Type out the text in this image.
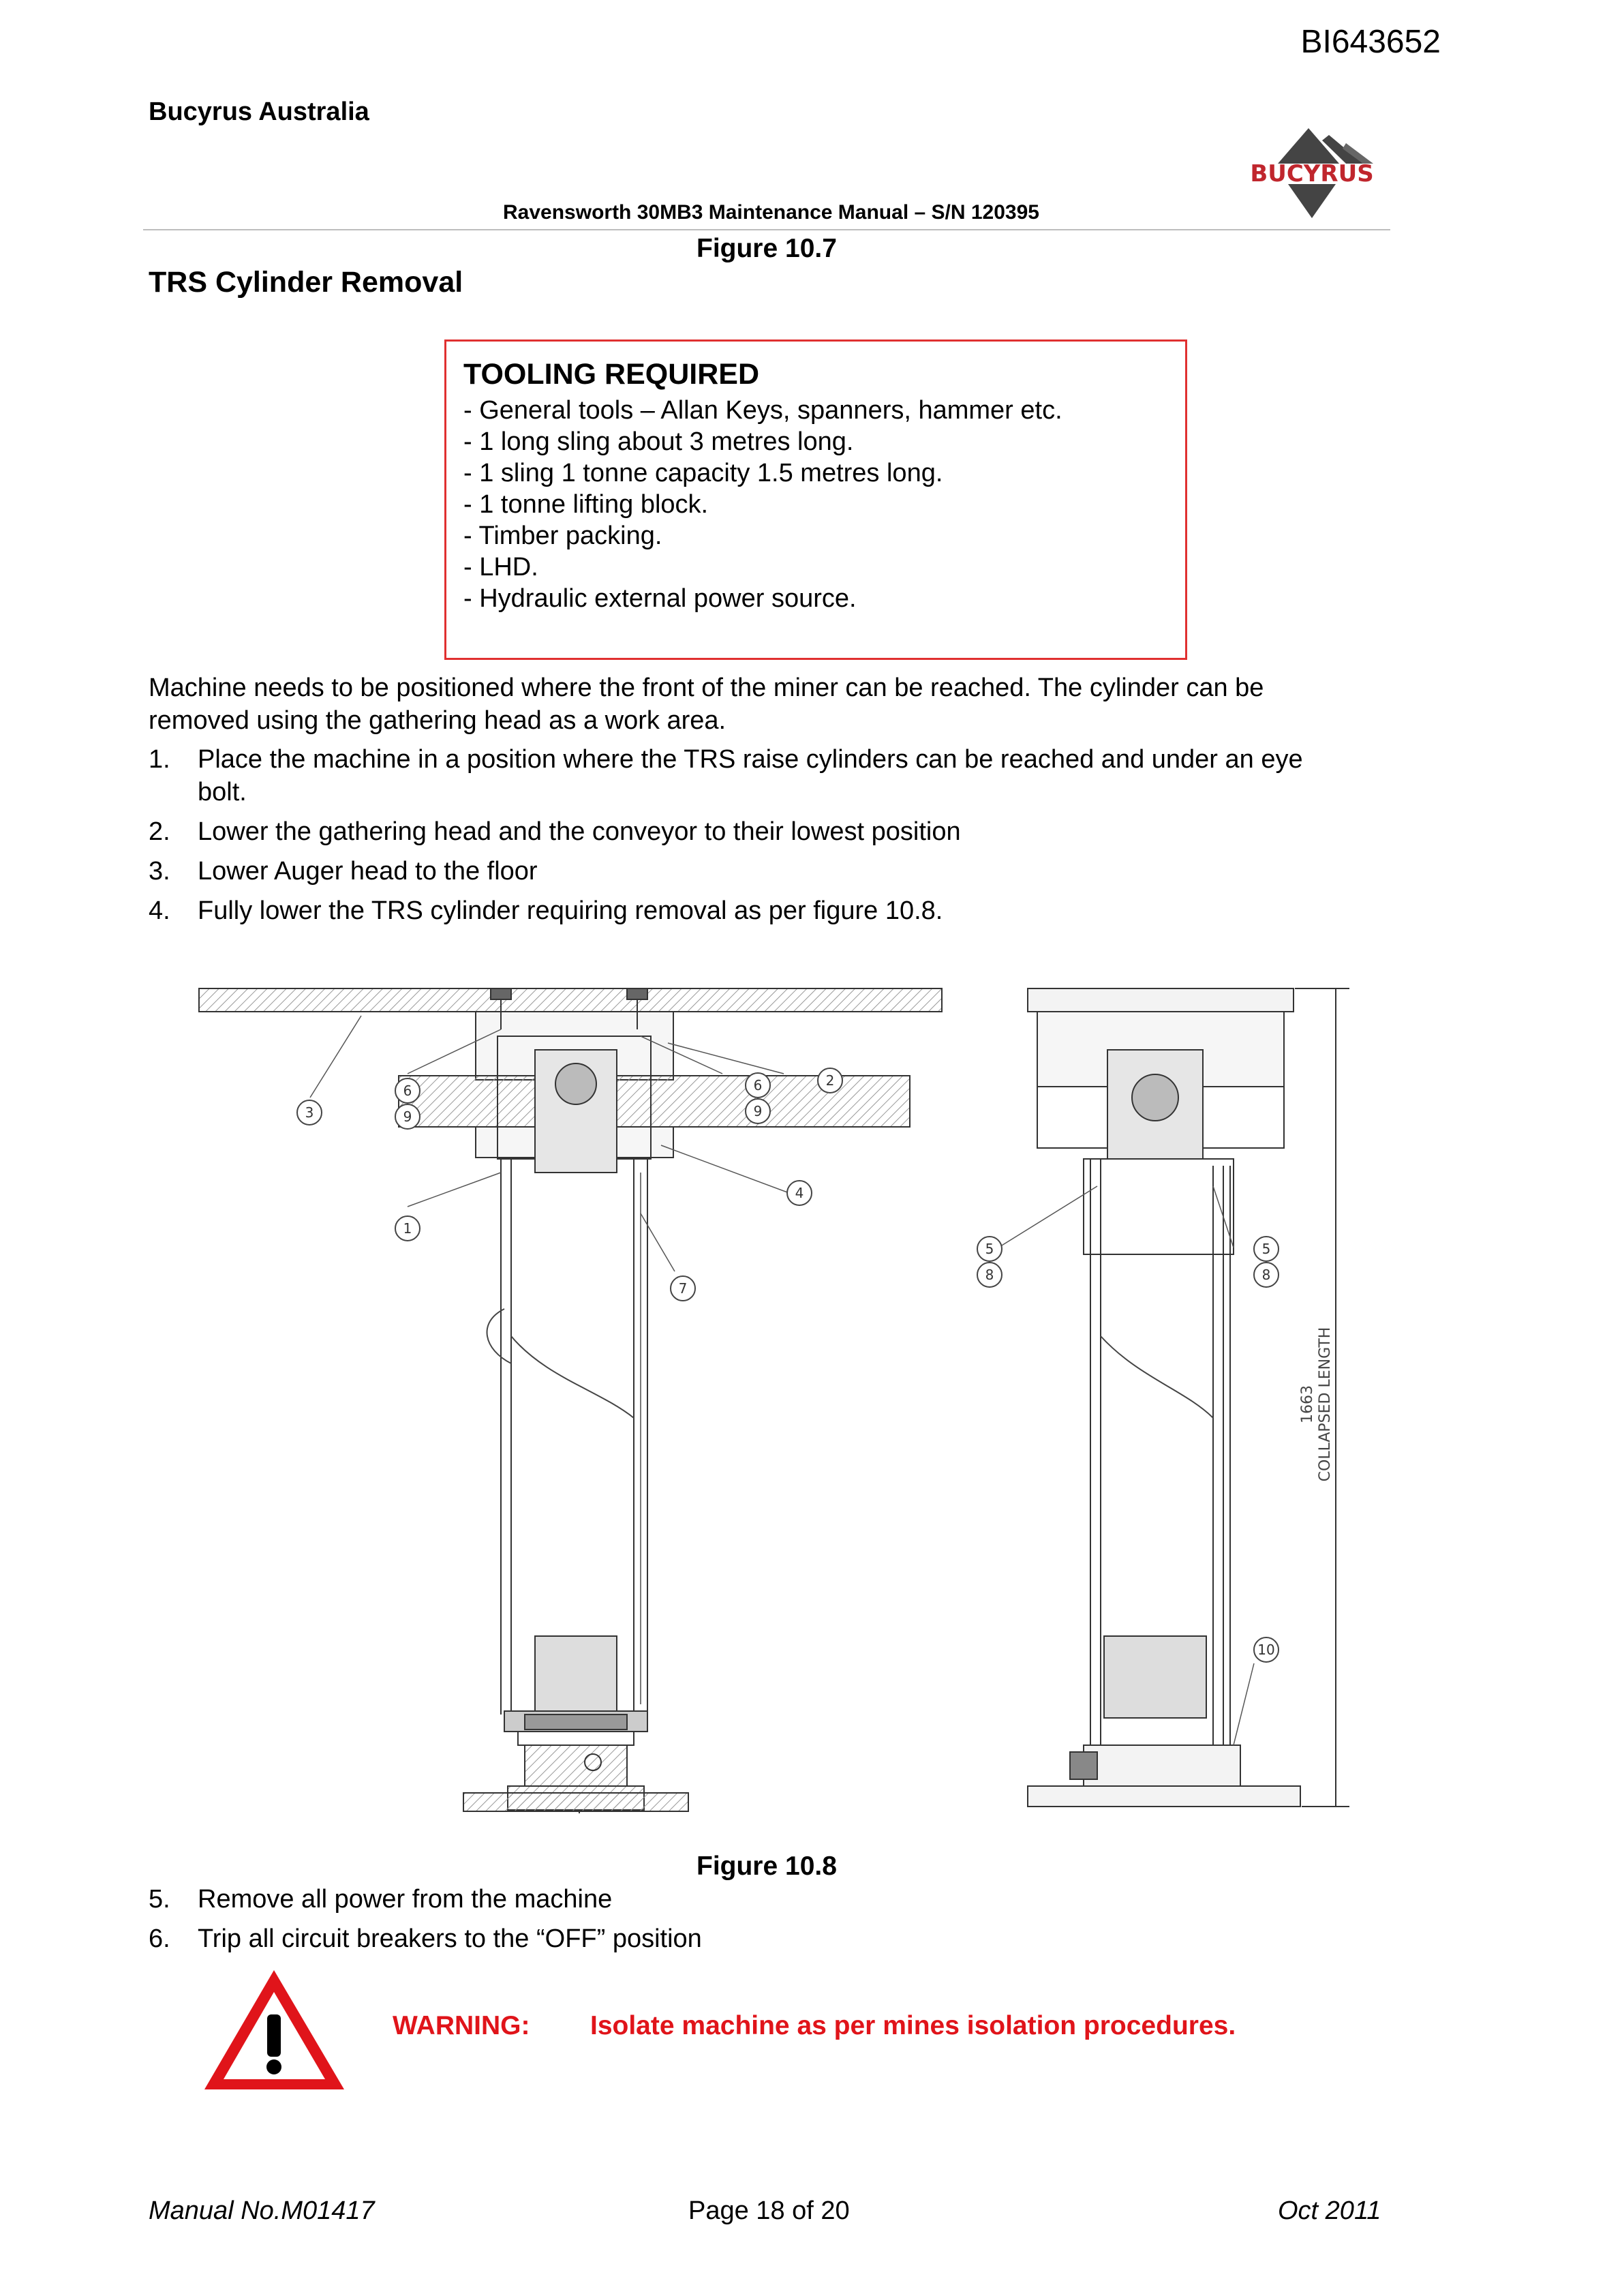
BI643652
Bucyrus Australia
BUCYRUS
Ravensworth 30MB3 Maintenance Manual – S/N 120395
Figure 10.7
TRS Cylinder Removal
TOOLING REQUIRED
- General tools – Allan Keys, spanners, hammer etc.
- 1 long sling about 3 metres long.
- 1 sling 1 tonne capacity 1.5 metres long.
- 1 tonne lifting block.
- Timber packing.
- LHD.
- Hydraulic external power source.
Machine needs to be positioned where the front of the miner can be reached. The cylinder can be
removed using the gathering head as a work area.
1. Place the machine in a position where the TRS raise cylinders can be reached and under an eye
bolt.
2. Lower the gathering head and the conveyor to their lowest position
3. Lower Auger head to the floor
4. Fully lower the TRS cylinder requiring removal as per figure 10.8.
3
6
9
6
9
2
4
1
7
5
8
5
8
10
1663 COLLAPSED LENGTH
Figure 10.8
5. Remove all power from the machine
6. Trip all circuit breakers to the “OFF” position
WARNING: Isolate machine as per mines isolation procedures.
Manual No.M01417	Page 18 of 20	Oct 2011
